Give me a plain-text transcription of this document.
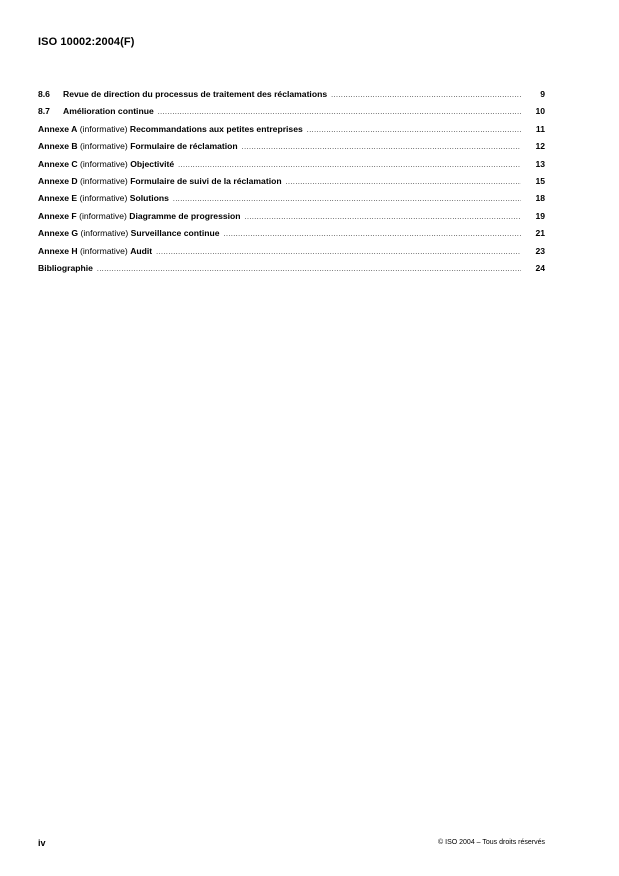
ISO 10002:2004(F)
8.6 Revue de direction du processus de traitement des réclamations .....	9
8.7 Amélioration continue .....	10
Annexe A (informative) Recommandations aux petites entreprises .....	11
Annexe B (informative) Formulaire de réclamation .....	12
Annexe C (informative) Objectivité .....	13
Annexe D (informative) Formulaire de suivi de la réclamation .....	15
Annexe E (informative) Solutions .....	18
Annexe F (informative) Diagramme de progression .....	19
Annexe G (informative) Surveillance continue .....	21
Annexe H (informative) Audit .....	23
Bibliographie .....	24
iv	© ISO 2004 – Tous droits réservés
